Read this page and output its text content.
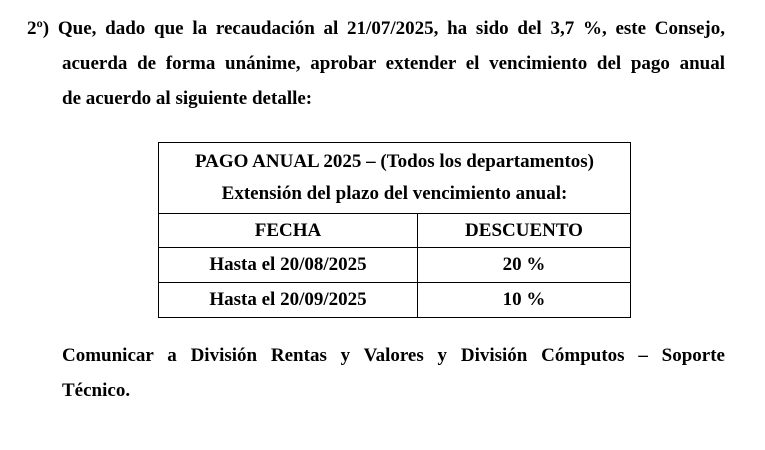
2º) Que, dado que la recaudación al 21/07/2025, ha sido del 3,7 %, este Consejo,
acuerda de forma unánime, aprobar extender el vencimiento del pago anual
de acuerdo al siguiente detalle:
PAGO ANUAL 2025 – (Todos los departamentos)
Extensión del plazo del vencimiento anual:	

FECHA	DESCUENTO
Hasta el 20/08/2025	20 %
Hasta el 20/09/2025	10 %
Comunicar a División Rentas y Valores y División Cómputos – Soporte
Técnico.
